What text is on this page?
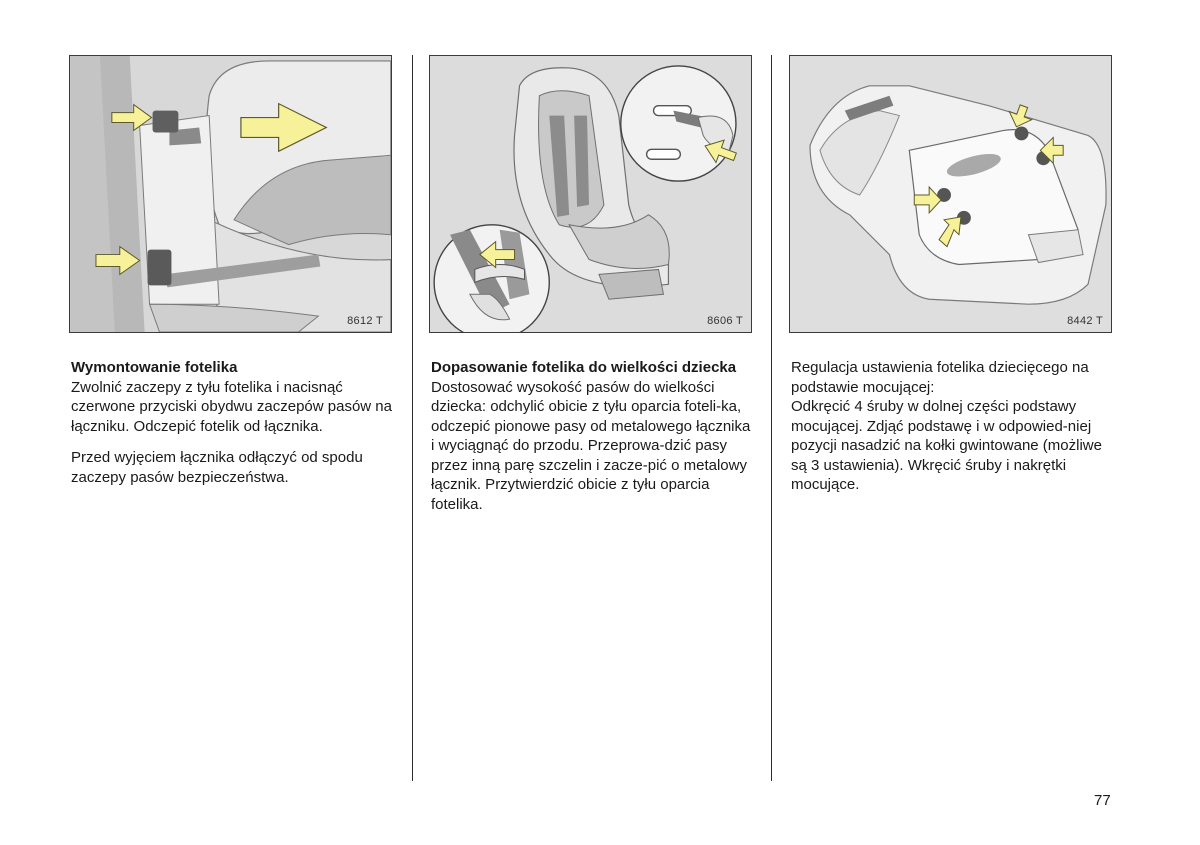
8612 T	8606 T	8442 T

Wymontowanie fotelika
Zwolnić zaczepy z tyłu fotelika i nacisnąć czerwone przyciski obydwu zaczepów pasów na łączniku. Odczepić fotelik od łącznika.

Przed wyjęciem łącznika odłączyć od spodu zaczepy pasów bezpieczeństwa.

Dopasowanie fotelika do wielkości dziecka
Dostosować wysokość pasów do wielkości dziecka: odchylić obicie z tyłu oparcia foteli-ka, odczepić pionowe pasy od metalowego łącznika i wyciągnąć do przodu. Przeprowa-dzić pasy przez inną parę szczelin i zacze-pić o metalowy łącznik. Przytwierdzić obicie z tyłu oparcia fotelika.

Regulacja ustawienia fotelika dziecięcego na podstawie mocującej:
Odkręcić 4 śruby w dolnej części podstawy mocującej. Zdjąć podstawę i w odpowied-niej pozycji nasadzić na kołki gwintowane (możliwe są 3 ustawienia). Wkręcić śruby i nakrętki mocujące.

77
